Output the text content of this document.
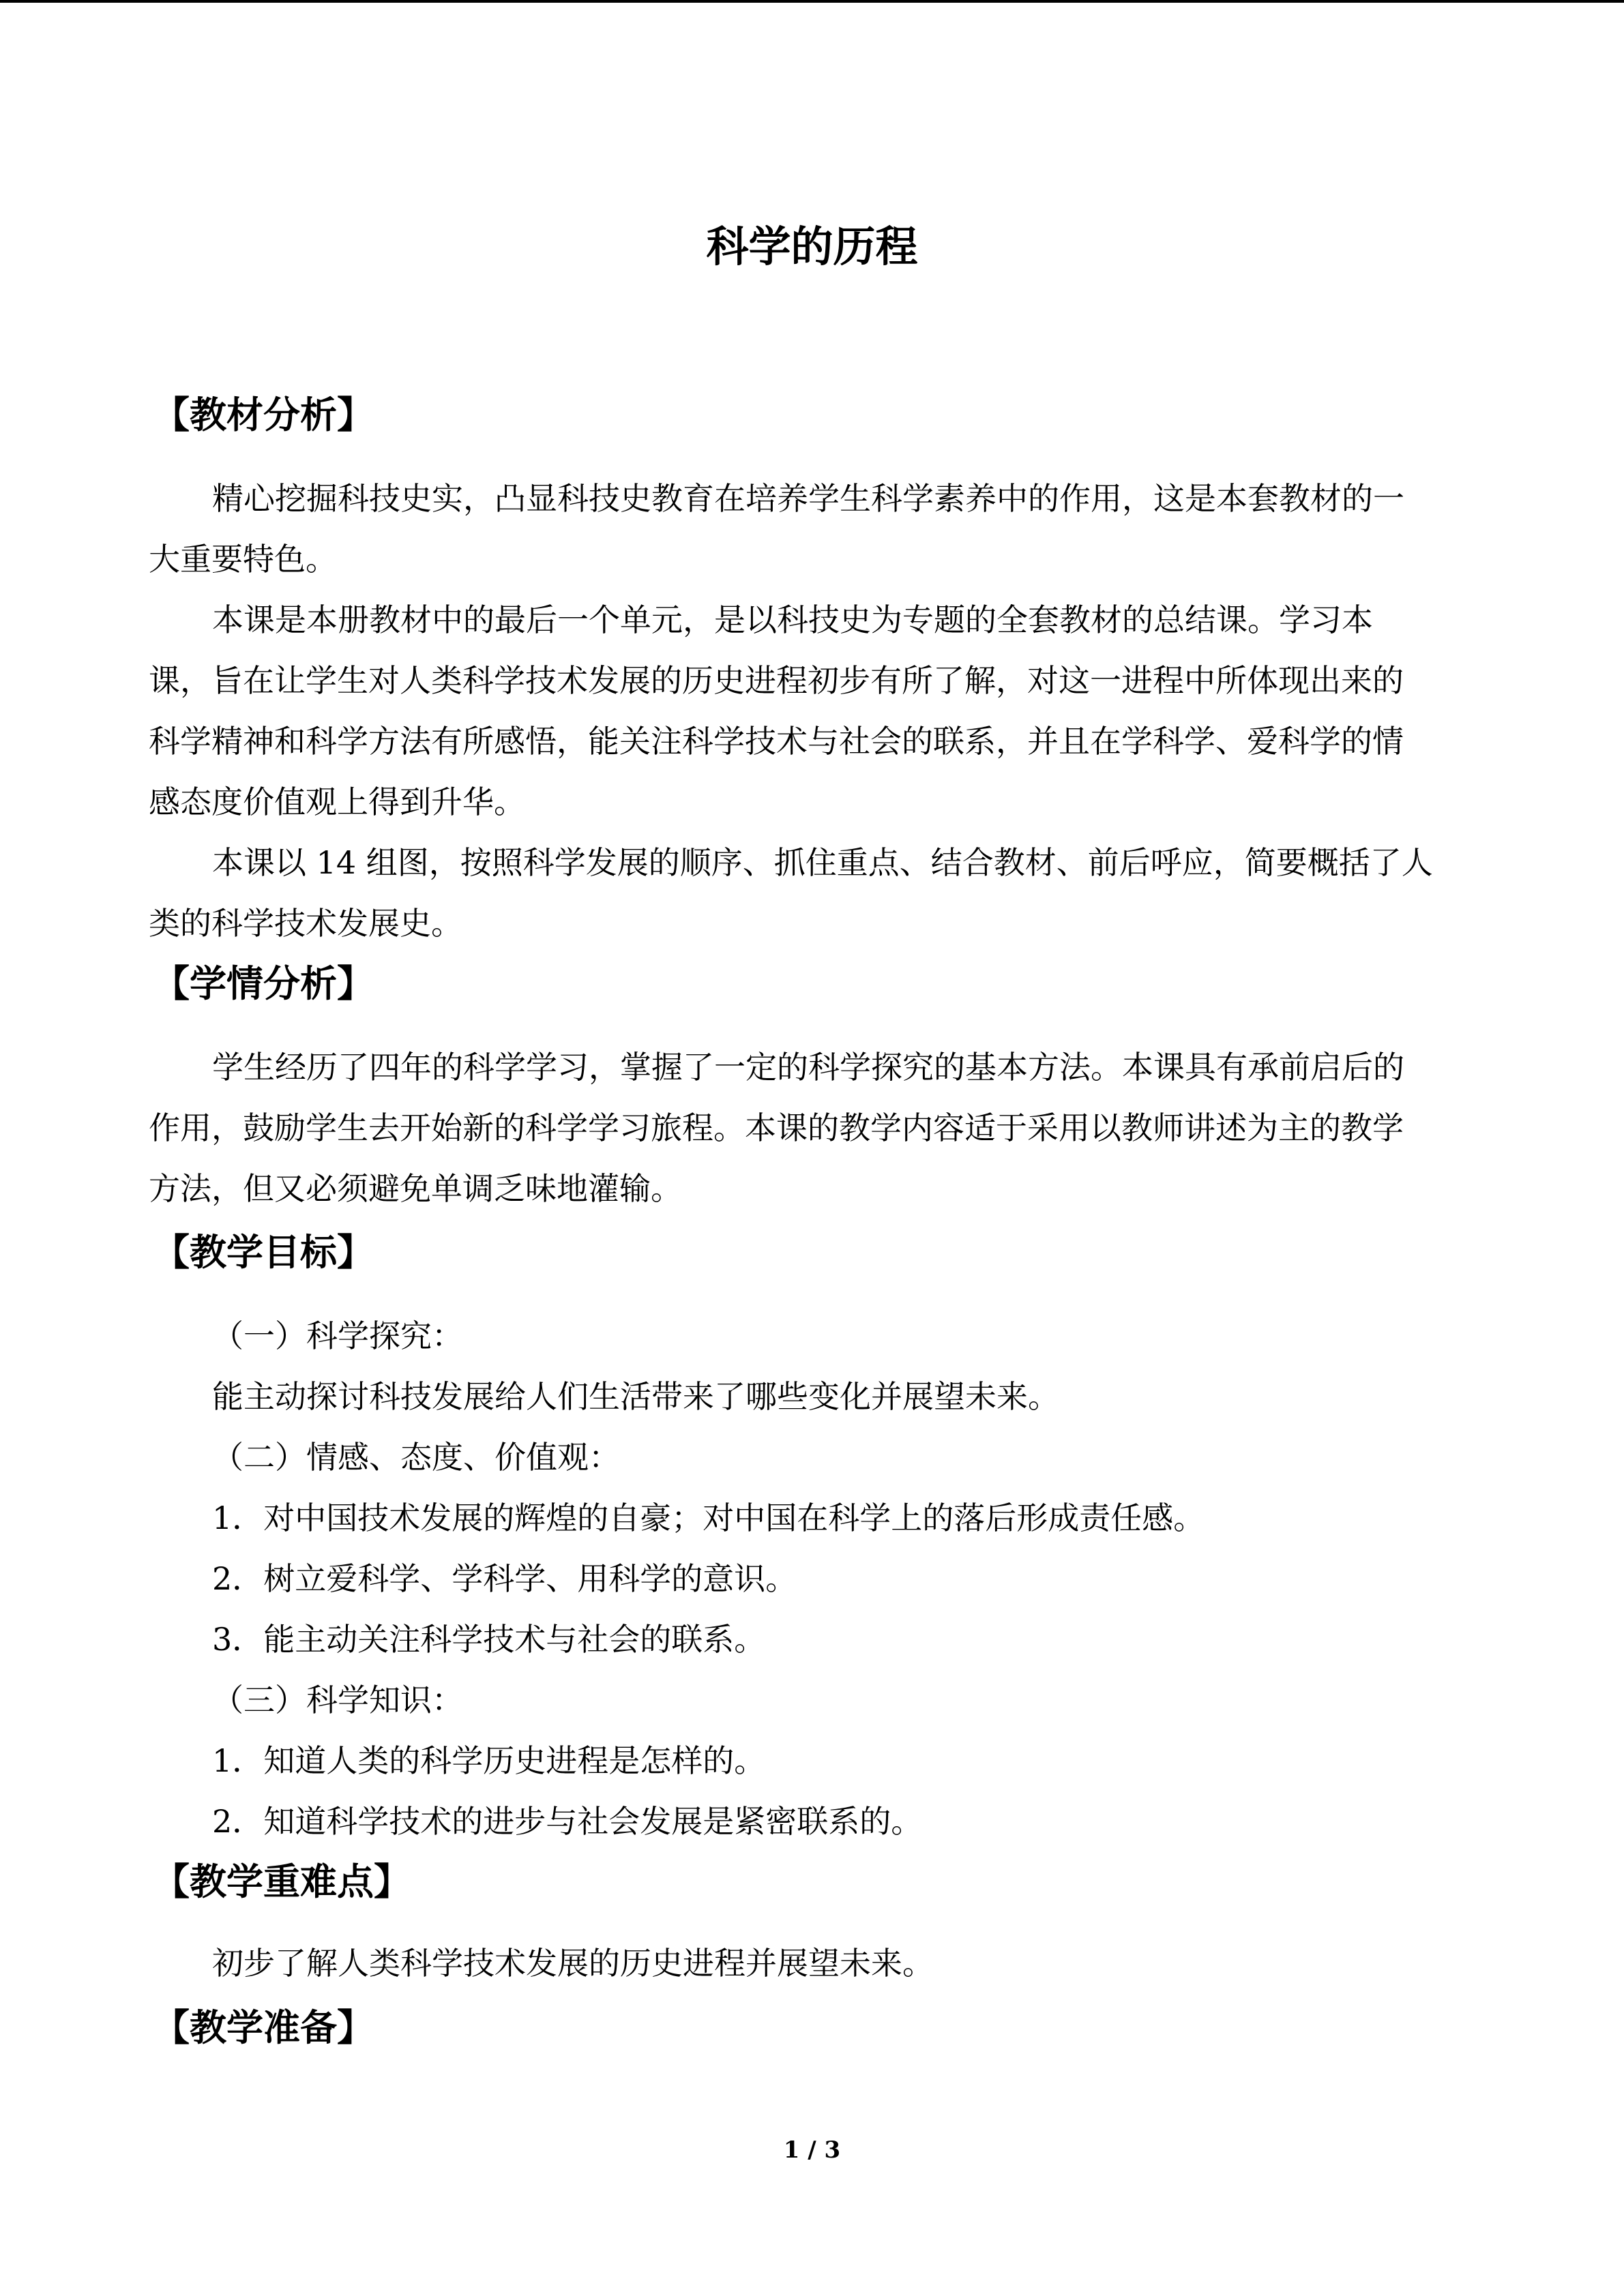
科学的历程
【教材分析】
精心挖掘科技史实，凸显科技史教育在培养学生科学素养中的作用，这是本套教材的一
大重要特色。
本课是本册教材中的最后一个单元，是以科技史为专题的全套教材的总结课。学习本
课，旨在让学生对人类科学技术发展的历史进程初步有所了解，对这一进程中所体现出来的
科学精神和科学方法有所感悟，能关注科学技术与社会的联系，并且在学科学、爱科学的情
感态度价值观上得到升华。
本课以 14 组图，按照科学发展的顺序、抓住重点、结合教材、前后呼应，简要概括了人
类的科学技术发展史。
【学情分析】
学生经历了四年的科学学习，掌握了一定的科学探究的基本方法。本课具有承前启后的
作用，鼓励学生去开始新的科学学习旅程。本课的教学内容适于采用以教师讲述为主的教学
方法，但又必须避免单调乏味地灌输。
【教学目标】
（一）科学探究：
能主动探讨科技发展给人们生活带来了哪些变化并展望未来。
（二）情感、态度、价值观：
1．对中国技术发展的辉煌的自豪；对中国在科学上的落后形成责任感。
2．树立爱科学、学科学、用科学的意识。
3．能主动关注科学技术与社会的联系。
（三）科学知识：
1．知道人类的科学历史进程是怎样的。
2．知道科学技术的进步与社会发展是紧密联系的。
【教学重难点】
初步了解人类科学技术发展的历史进程并展望未来。
【教学准备】
1 / 3
